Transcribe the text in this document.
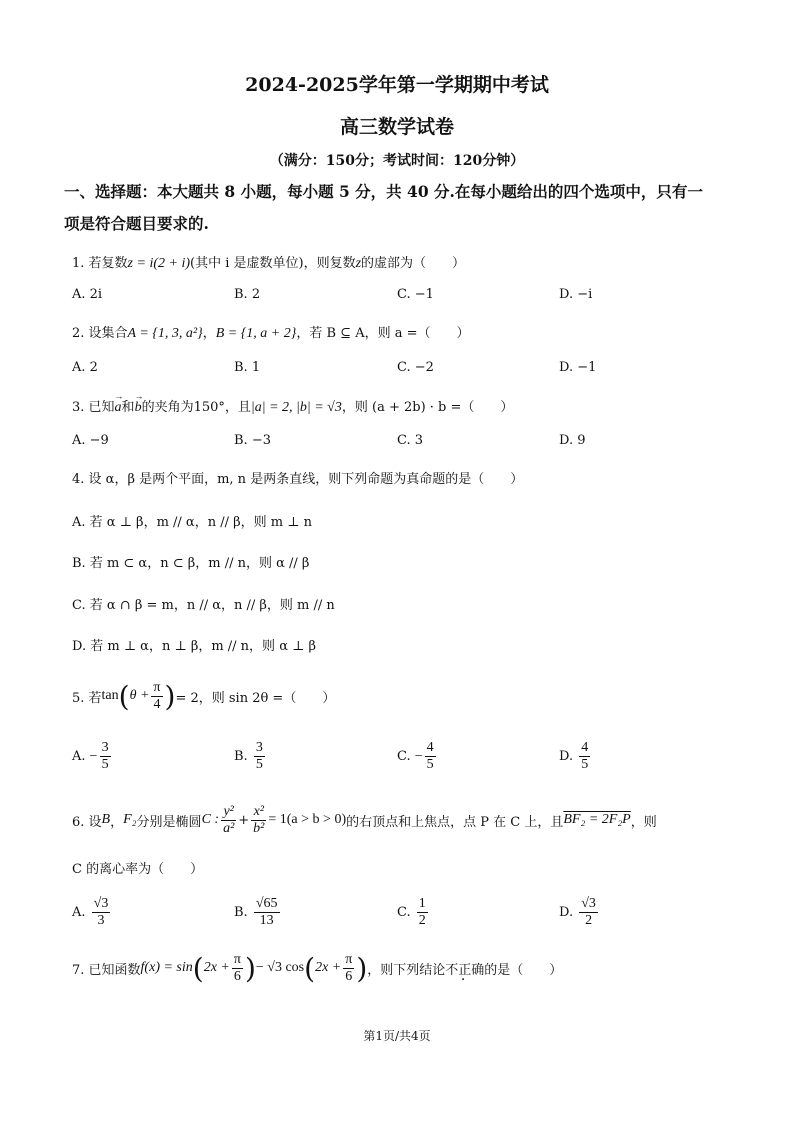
2024-2025学年第一学期期中考试
高三数学试卷
（满分：150分；考试时间：120分钟）
一、选择题：本大题共 8 小题，每小题 5 分，共 40 分.在每小题给出的四个选项中，只有一
项是符合题目要求的.
1. 若复数z = i(2 + i)(其中 i 是虚数单位)，则复数z的虚部为（　　）
A. 2i	B. 2	C. −1	D. −i
2. 设集合A = {1, 3, a²}，B = {1, a + 2}，若 B ⊆ A，则 a =（　　）
A. 2	B. 1	C. −2	D. −1
3. 已知→ a和→ b的夹角为150°，且|a| = 2, |b| = √3，则 (a + 2b) · b =（　　）
A. −9	B. −3	C. 3	D. 9
4. 设 α，β 是两个平面，m, n 是两条直线，则下列命题为真命题的是（　　）
A. 若 α ⊥ β，m // α，n // β，则 m ⊥ n
B. 若 m ⊂ α，n ⊂ β，m // n，则 α // β
C. 若 α ∩ β = m，n // α，n // β，则 m // n
D. 若 m ⊥ α，n ⊥ β，m // n，则 α ⊥ β
5. 若 tan ( $\theta + \frac{\pi}{4}$ ) = 2，则 sin 2θ =（　　）
A.
− $\frac{3}{5}$	B.
$\frac{3}{5}$	C.
− $\frac{4}{5}$	D.
$\frac{4}{5}$
6. 设 B ， F₂ 分别是椭圆 C : $\frac{\text{y²}}{\text{a²}} + \frac{\text{x²}}{\text{b²}} = 1(a > b > 0)$ 的右顶点和上焦点，点 P 在 C 上，且 BF₂ = 2F₂P ，则
C 的离心率为（　　）
A.
$\frac{√3}{3}$	B.
$\frac{√65}{13}$	C.
$\frac{1}{2}$	D.
$\frac{√3}{2}$
7. 已知函数 f(x) = sin ( $2x + \frac{\pi}{6}$ ) − √3 cos ( $2x + \frac{\pi}{6}$ ) ，则下列结论 不正确 · 的是（　　）
第1页/共4页
